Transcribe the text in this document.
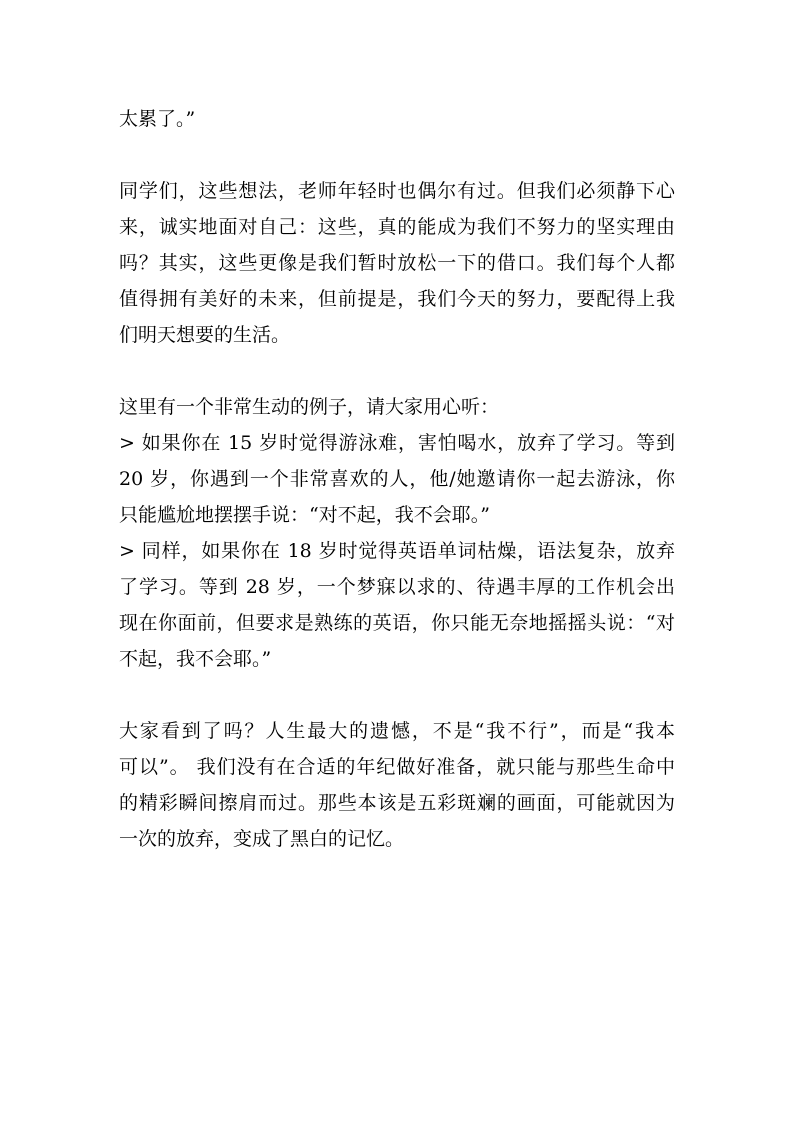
太累了。”
同学们，这些想法，老师年轻时也偶尔有过。但我们必须静下心
来，诚实地面对自己：这些，真的能成为我们不努力的坚实理由
吗？其实，这些更像是我们暂时放松一下的借口。我们每个人都
值得拥有美好的未来，但前提是，我们今天的努力，要配得上我
们明天想要的生活。
这里有一个非常生动的例子，请大家用心听：
> 如果你在 15 岁时觉得游泳难，害怕喝水，放弃了学习。等到
20 岁，你遇到一个非常喜欢的人，他/她邀请你一起去游泳，你
只能尴尬地摆摆手说：“对不起，我不会耶。”
> 同样，如果你在 18 岁时觉得英语单词枯燥，语法复杂，放弃
了学习。等到 28 岁，一个梦寐以求的、待遇丰厚的工作机会出
现在你面前，但要求是熟练的英语，你只能无奈地摇摇头说：“对
不起，我不会耶。”
大家看到了吗？人生最大的遗憾，不是“我不行”，而是“我本
可以”。 我们没有在合适的年纪做好准备，就只能与那些生命中
的精彩瞬间擦肩而过。那些本该是五彩斑斓的画面，可能就因为
一次的放弃，变成了黑白的记忆。
